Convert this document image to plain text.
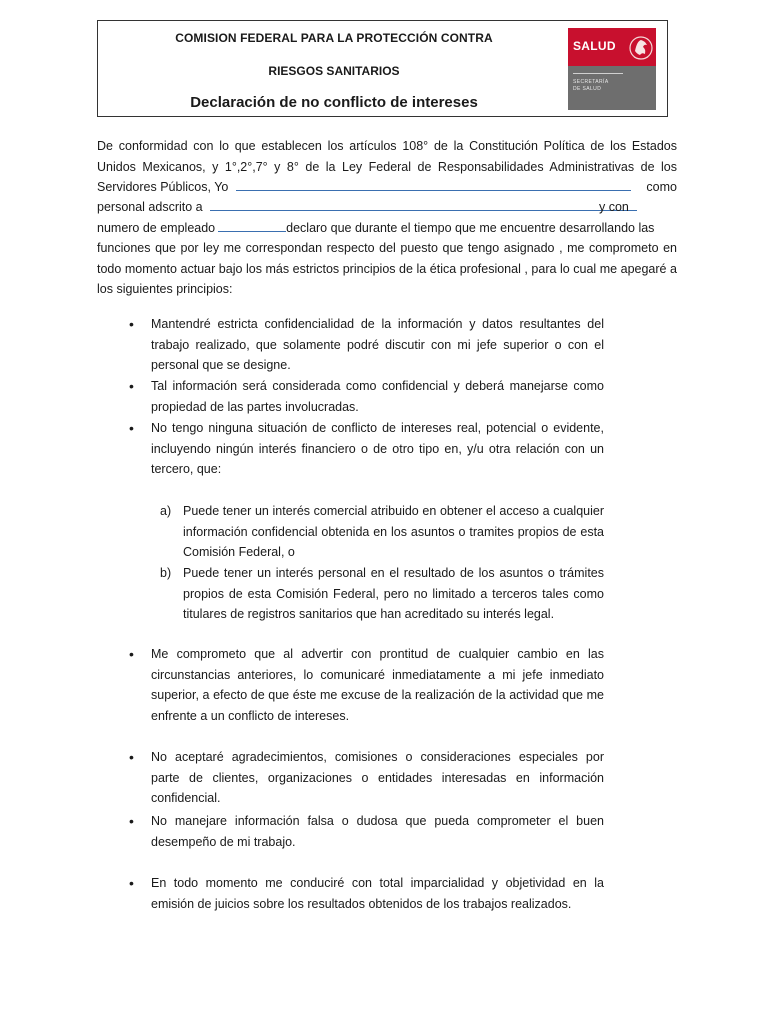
COMISION FEDERAL PARA LA PROTECCIÓN CONTRA
RIESGOS SANITARIOS
Declaración de no conflicto de intereses
SALUD
SECRETARÍA
DE SALUD
De conformidad con lo que establecen los artículos 108° de la Constitución Política de los Estados Unidos Mexicanos, y 1°,2°,7° y 8° de la Ley Federal de Responsabilidades Administrativas de los
Servidores Públicos, Yo	como
personal adscrito a	y con
numero de empleado	declaro que durante el tiempo que me encuentre desarrollando las
funciones que por ley me correspondan respecto del puesto que tengo asignado , me comprometo en todo momento actuar bajo los más estrictos principios de la ética profesional , para lo cual me apegaré a
los siguientes principios:
• Mantendré estricta confidencialidad de la información y datos resultantes del trabajo realizado, que solamente podré discutir con mi jefe superior o con el personal que se designe.
• Tal información será considerada como confidencial y deberá manejarse como propiedad de las partes involucradas.
• No tengo ninguna situación de conflicto de intereses real, potencial o evidente, incluyendo ningún interés financiero o de otro tipo en, y/u otra relación con un tercero, que:
a) Puede tener un interés comercial atribuido en obtener el acceso a cualquier información confidencial obtenida en los asuntos o tramites propios de esta Comisión Federal, o
b) Puede tener un interés personal en el resultado de los asuntos o trámites propios de esta Comisión Federal, pero no limitado a terceros tales como titulares de registros sanitarios que han acreditado su interés legal.
• Me comprometo que al advertir con prontitud de cualquier cambio en las circunstancias anteriores, lo comunicaré inmediatamente a mi jefe inmediato superior, a efecto de que éste me excuse de la realización de la actividad que me enfrente a un conflicto de intereses.
• No aceptaré agradecimientos, comisiones o consideraciones especiales por parte de clientes, organizaciones o entidades interesadas en información confidencial.
• No manejare información falsa o dudosa que pueda comprometer el buen desempeño de mi trabajo.
• En todo momento me conduciré con total imparcialidad y objetividad en la emisión de juicios sobre los resultados obtenidos de los trabajos realizados.
